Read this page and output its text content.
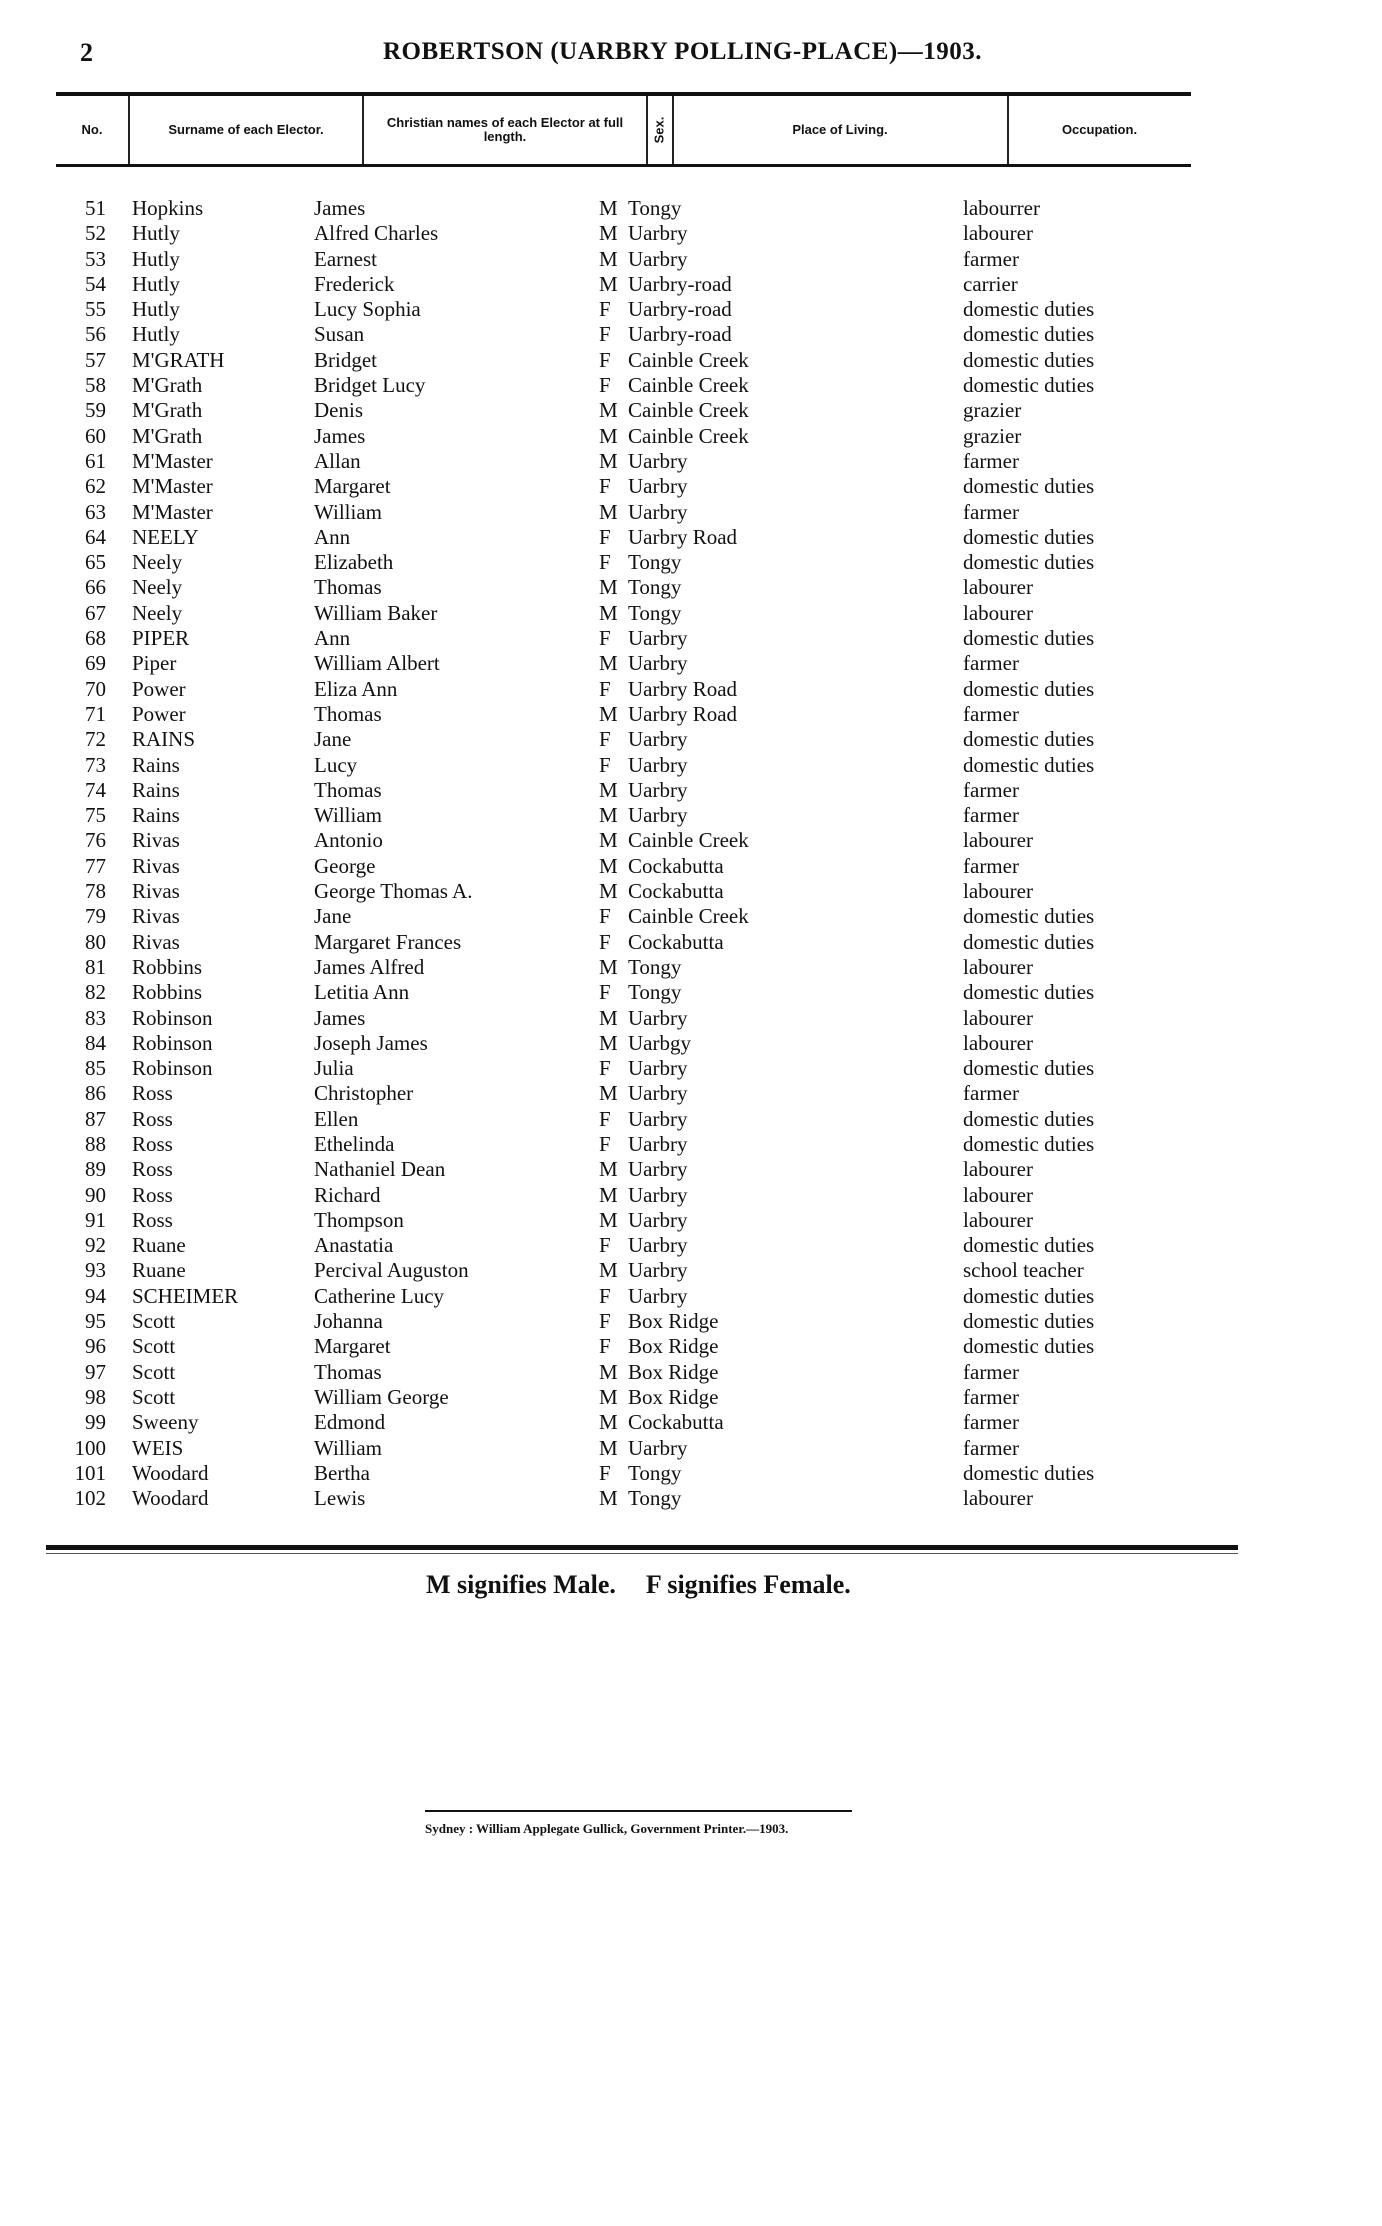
2	ROBERTSON (UARBRY POLLING-PLACE)—1903.
No.	Surname of each Elector.	Christian names of each Elector at full length.	Sex.	Place of Living.	Occupation.
51 Hopkins	James	M Tongy	labourrer
52 Hutly	Alfred Charles	M Uarbry	labourer
53 Hutly	Earnest	M Uarbry	farmer
54 Hutly	Frederick	M Uarbry-road	carrier
55 Hutly	Lucy Sophia	F Uarbry-road	domestic duties
56 Hutly	Susan	F Uarbry-road	domestic duties
57 M'GRATH	Bridget	F Cainble Creek	domestic duties
58 M'Grath	Bridget Lucy	F Cainble Creek	domestic duties
59 M'Grath	Denis	M Cainble Creek	grazier
60 M'Grath	James	M Cainble Creek	grazier
61 M'Master	Allan	M Uarbry	farmer
62 M'Master	Margaret	F Uarbry	domestic duties
63 M'Master	William	M Uarbry	farmer
64 NEELY	Ann	F Uarbry Road	domestic duties
65 Neely	Elizabeth	F Tongy	domestic duties
66 Neely	Thomas	M Tongy	labourer
67 Neely	William Baker	M Tongy	labourer
68 PIPER	Ann	F Uarbry	domestic duties
69 Piper	William Albert	M Uarbry	farmer
70 Power	Eliza Ann	F Uarbry Road	domestic duties
71 Power	Thomas	M Uarbry Road	farmer
72 RAINS	Jane	F Uarbry	domestic duties
73 Rains	Lucy	F Uarbry	domestic duties
74 Rains	Thomas	M Uarbry	farmer
75 Rains	William	M Uarbry	farmer
76 Rivas	Antonio	M Cainble Creek	labourer
77 Rivas	George	M Cockabutta	farmer
78 Rivas	George Thomas A.	M Cockabutta	labourer
79 Rivas	Jane	F Cainble Creek	domestic duties
80 Rivas	Margaret Frances	F Cockabutta	domestic duties
81 Robbins	James Alfred	M Tongy	labourer
82 Robbins	Letitia Ann	F Tongy	domestic duties
83 Robinson	James	M Uarbry	labourer
84 Robinson	Joseph James	M Uarbgy	labourer
85 Robinson	Julia	F Uarbry	domestic duties
86 Ross	Christopher	M Uarbry	farmer
87 Ross	Ellen	F Uarbry	domestic duties
88 Ross	Ethelinda	F Uarbry	domestic duties
89 Ross	Nathaniel Dean	M Uarbry	labourer
90 Ross	Richard	M Uarbry	labourer
91 Ross	Thompson	M Uarbry	labourer
92 Ruane	Anastatia	F Uarbry	domestic duties
93 Ruane	Percival Auguston	M Uarbry	school teacher
94 SCHEIMER	Catherine Lucy	F Uarbry	domestic duties
95 Scott	Johanna	F Box Ridge	domestic duties
96 Scott	Margaret	F Box Ridge	domestic duties
97 Scott	Thomas	M Box Ridge	farmer
98 Scott	William George	M Box Ridge	farmer
99 Sweeny	Edmond	M Cockabutta	farmer
100 WEIS	William	M Uarbry	farmer
101 Woodard	Bertha	F Tongy	domestic duties
102 Woodard	Lewis	M Tongy	labourer
M signifies Male. F signifies Female.
Sydney : William Applegate Gullick, Government Printer.—1903.
